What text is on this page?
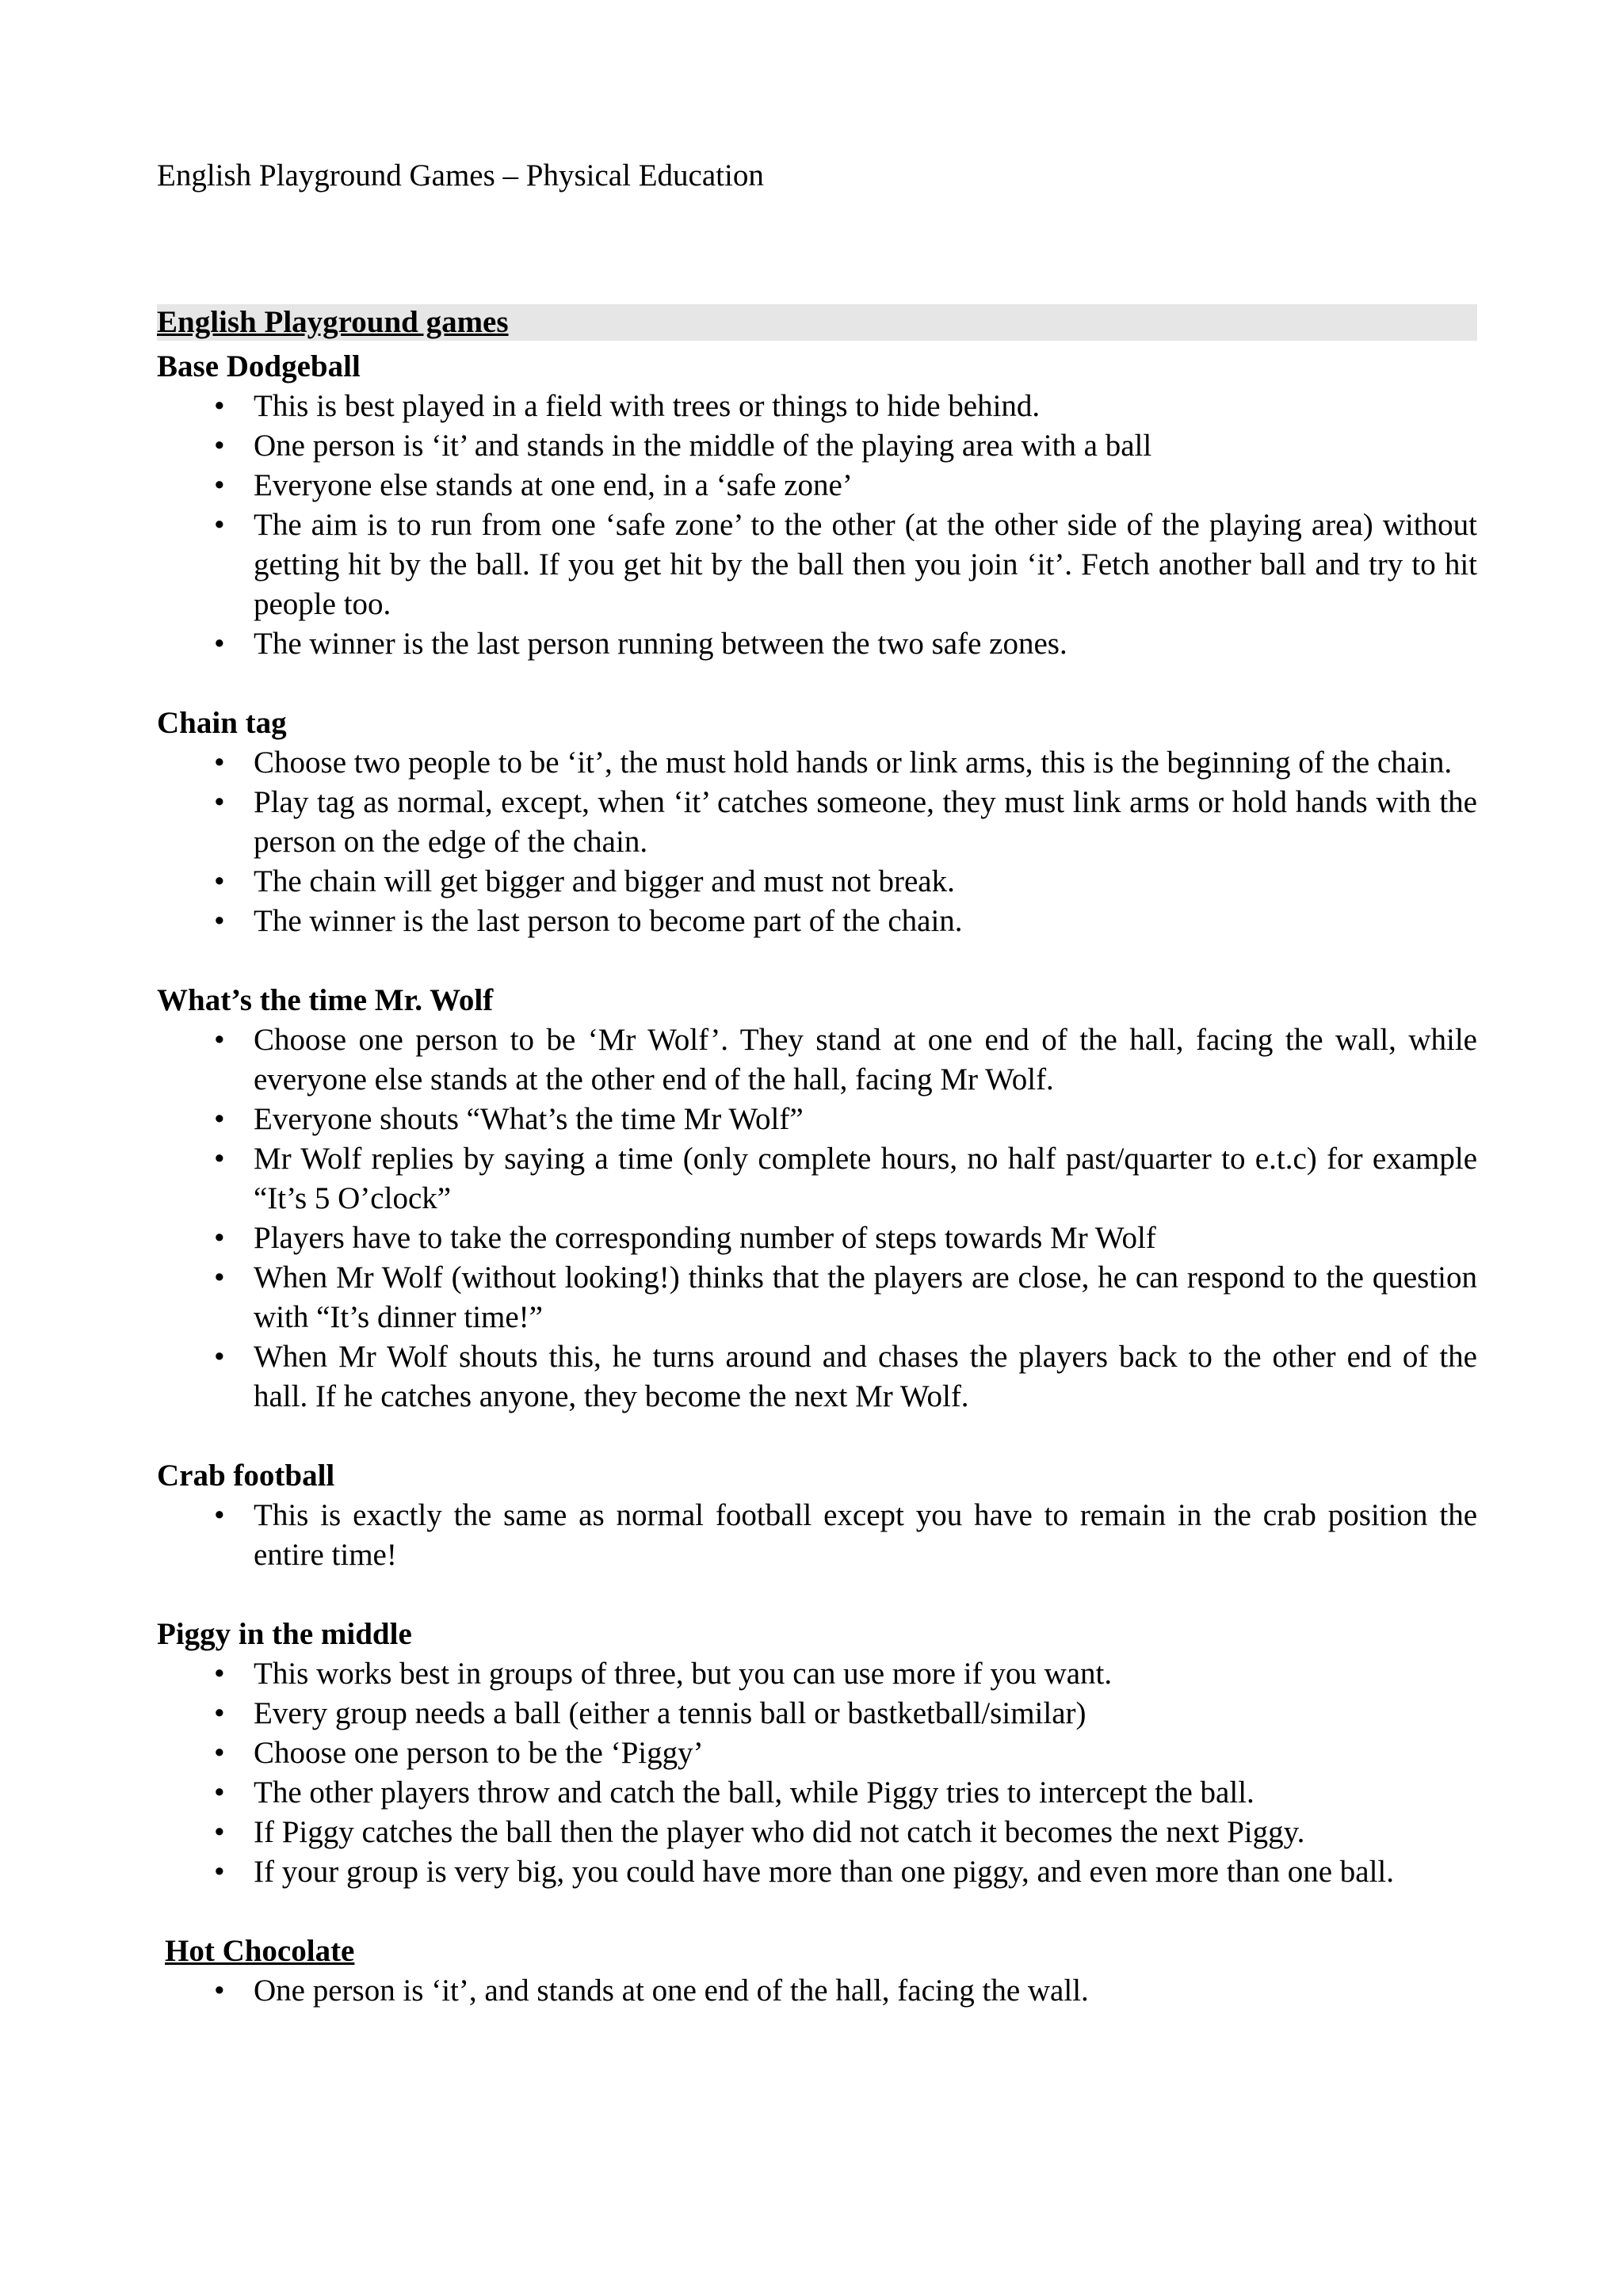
English Playground Games – Physical Education

English Playground games

Base Dodgeball

• This is best played in a field with trees or things to hide behind.
• One person is ‘it’ and stands in the middle of the playing area with a ball
• Everyone else stands at one end, in a ‘safe zone’
• The aim is to run from one ‘safe zone’ to the other (at the other side of the playing area) without getting hit by the ball. If you get hit by the ball then you join ‘it’. Fetch another ball and try to hit people too.
• The winner is the last person running between the two safe zones.

Chain tag

• Choose two people to be ‘it’, the must hold hands or link arms, this is the beginning of the chain.
• Play tag as normal, except, when ‘it’ catches someone, they must link arms or hold hands with the person on the edge of the chain.
• The chain will get bigger and bigger and must not break.
• The winner is the last person to become part of the chain.

What’s the time Mr. Wolf

• Choose one person to be ‘Mr Wolf’. They stand at one end of the hall, facing the wall, while everyone else stands at the other end of the hall, facing Mr Wolf.
• Everyone shouts “What’s the time Mr Wolf”
• Mr Wolf replies by saying a time (only complete hours, no half past/quarter to e.t.c) for example “It’s 5 O’clock”
• Players have to take the corresponding number of steps towards Mr Wolf
• When Mr Wolf (without looking!) thinks that the players are close, he can respond to the question with “It’s dinner time!”
• When Mr Wolf shouts this, he turns around and chases the players back to the other end of the hall. If he catches anyone, they become the next Mr Wolf.

Crab football

• This is exactly the same as normal football except you have to remain in the crab position the entire time!

Piggy in the middle

• This works best in groups of three, but you can use more if you want.
• Every group needs a ball (either a tennis ball or bastketball/similar)
• Choose one person to be the ‘Piggy’
• The other players throw and catch the ball, while Piggy tries to intercept the ball.
• If Piggy catches the ball then the player who did not catch it becomes the next Piggy.
• If your group is very big, you could have more than one piggy, and even more than one ball.

Hot Chocolate

• One person is ‘it’, and stands at one end of the hall, facing the wall.
